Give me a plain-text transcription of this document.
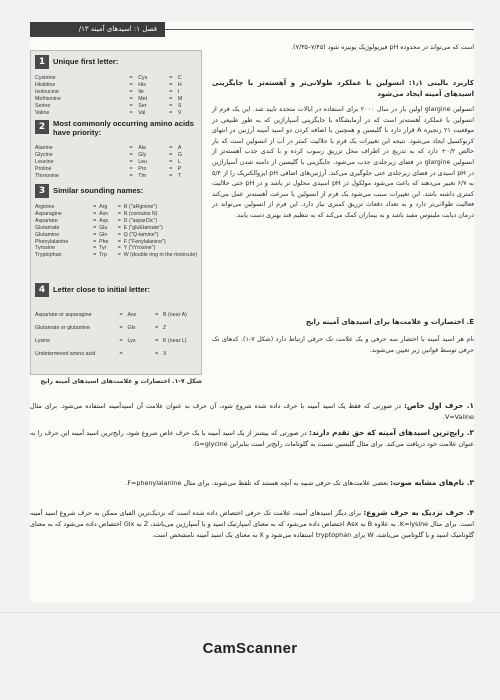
فصل ۱: اسیدهای آمینه ۱۳/
1	Unique first letter:
Cysteine	=	Cys	=	C
Histidine	=	His	=	H
Isoleucine	=	Ile	=	I
Methionine	=	Met	=	M
Serine	=	Ser	=	S
Valine	=	Val	=	V
2	Most commonly occurring amino acids have priority:
Alanine	=	Ala	=	A
Glycine	=	Gly	=	G
Leucine	=	Leu	=	L
Proline	=	Pro	=	P
Threonine	=	Thr	=	T
3	Similar sounding names:
Arginine	=	Arg	=	R ("aRginine")
Asparagine	=	Asn	=	N (contains N)
Aspartate	=	Asp	=	D ("asparDic")
Glutamate	=	Glu	=	E ("gluEtamate")
Glutamine	=	Gln	=	Q ("Q-tamine")
Phenylalanine	=	Phe	=	F ("Fenylalanine")
Tyrosine	=	Tyr	=	Y ("tYrosine")
Tryptophan	=	Trp	=	W (double ring in the molecule)
4	Letter close to initial letter:
Aspartate or asparagine	=	Asx	=	B (near A)
Glutamate or glutamine	=	Glx	=	Z
Lysine	=	Lys	=	K (near L)
Undetermined amino acid	=		=	X
شکل ۷-۱. اختصارات و علامت‌های اسیدهای آمینه رایج
است که می‌تواند در محدوده pH فیزیولوژیک یونیزه شود (۷/۴۵–۷/۳۵).
کاربرد بالینی ۱٫۱: انسولین با عملکرد طولانی‌تر و آهسته‌تر با جایگزینی اسیدهای آمینه ایجاد می‌شود
انسولین glargine اولین بار در سال ۲۰۰۰ برای استفاده در ایالات متحده تایید شد. این یک فرم از انسولین با عملکرد آهسته‌تر است که در آزمایشگاه با جایگزینی آسپاراژین که به طور طبیعی در موقعیت ۲۱ زنجیره A قرار دارد با گلیسین و همچنین با اضافه کردن دو اسید آمینه آرژنین در انتهای کربوکسیل ایجاد می‌شود. نتیجه این تغییرات یک فرم با حلالیت کمتر در آب از انسولین است که بار خالص ۰/۲+ دارد که به تدریج در اطراف محل تزریق رسوب کرده و با کندی جذب آهسته‌تر از انسولین glargine در فضای زیرجلدی جذب می‌شود. جایگزینی با گلیسین از دامنه شدن آسپاراژین در pH اسیدی در فضای زیرجلدی ختی جلوگیری می‌کند. آرژنین‌های اضافی pH ایزوالکتریک را از ۵/۴ به ۶/۷ تغییر می‌دهند که باعث می‌شود مولکول در pH اسیدی محلول تر باشد و در pH ختی حلالیت کمتری داشته باشد. این تغییرات سبب می‌شود یک فرم از انسولین با سرعت آهسته‌تر عمل می‌کند فعالیت طولانی‌تر دارد و به تعداد دفعات تزریق کمتری نیاز دارد. این فرم از انسولین می‌تواند در درمان دیابت ملیتوس مفید باشد و به بیماران کمک می‌کند که به تنظیم قند بهتری دست یابند.
E. اختصارات و علامت‌ها برای اسیدهای آمینه رایج
نام هر اسید آمینه با اختصار سه حرفی و یک علامت تک حرفی ارتباط دارد (شکل ۷-۱). کدهای تک حرفی توسط قوانین زیر تعیین می‌شوند.
۱. حرف اول خاص: در صورتی که فقط یک اسید آمینه با حرف داده شده شروع شود، آن حرف به عنوان علامت آن اسیدآمینه استفاده می‌شود. برای مثال V=Valine.
۲. رایج‌ترین اسیدهای آمینه که حق تقدم دارند: در صورتی که بیشتر از یک اسید آمینه با یک حرف خاص شروع شود، رایج‌ترین اسید آمینه این حرف را به عنوان علامت خود دریافت می‌کند. برای مثال گلیسین نسبت به گلوتامات رایج‌تر است بنابراین G=glycine.
۳. نام‌های مشابه صوت: بعضی علامت‌های تک حرفی شبیه به آنچه هستند که تلفظ می‌شوند. برای مثال F=phenylalanine.
۴. حرف نزدیک به حرف شروع: برای دیگر اسیدهای آمینه، علامت تک حرفی اختصاص داده شده است که نزدیک‌ترین الفبای ممکن به حرف شروع اسید آمینه است. برای مثال K=lysine. به علاوه B به Asx اختصاص داده می‌شود که به معنای آسپارتیک اسید و یا آسپارژین می‌باشد، Z به Glx اختصاص داده می‌شود که به معنای گلوتامیک اسید و یا گلوتامین می‌باشد، W برای tryptophan استفاده می‌شود و X به معنای یک اسید آمینه نامشخص است.
CamScanner
